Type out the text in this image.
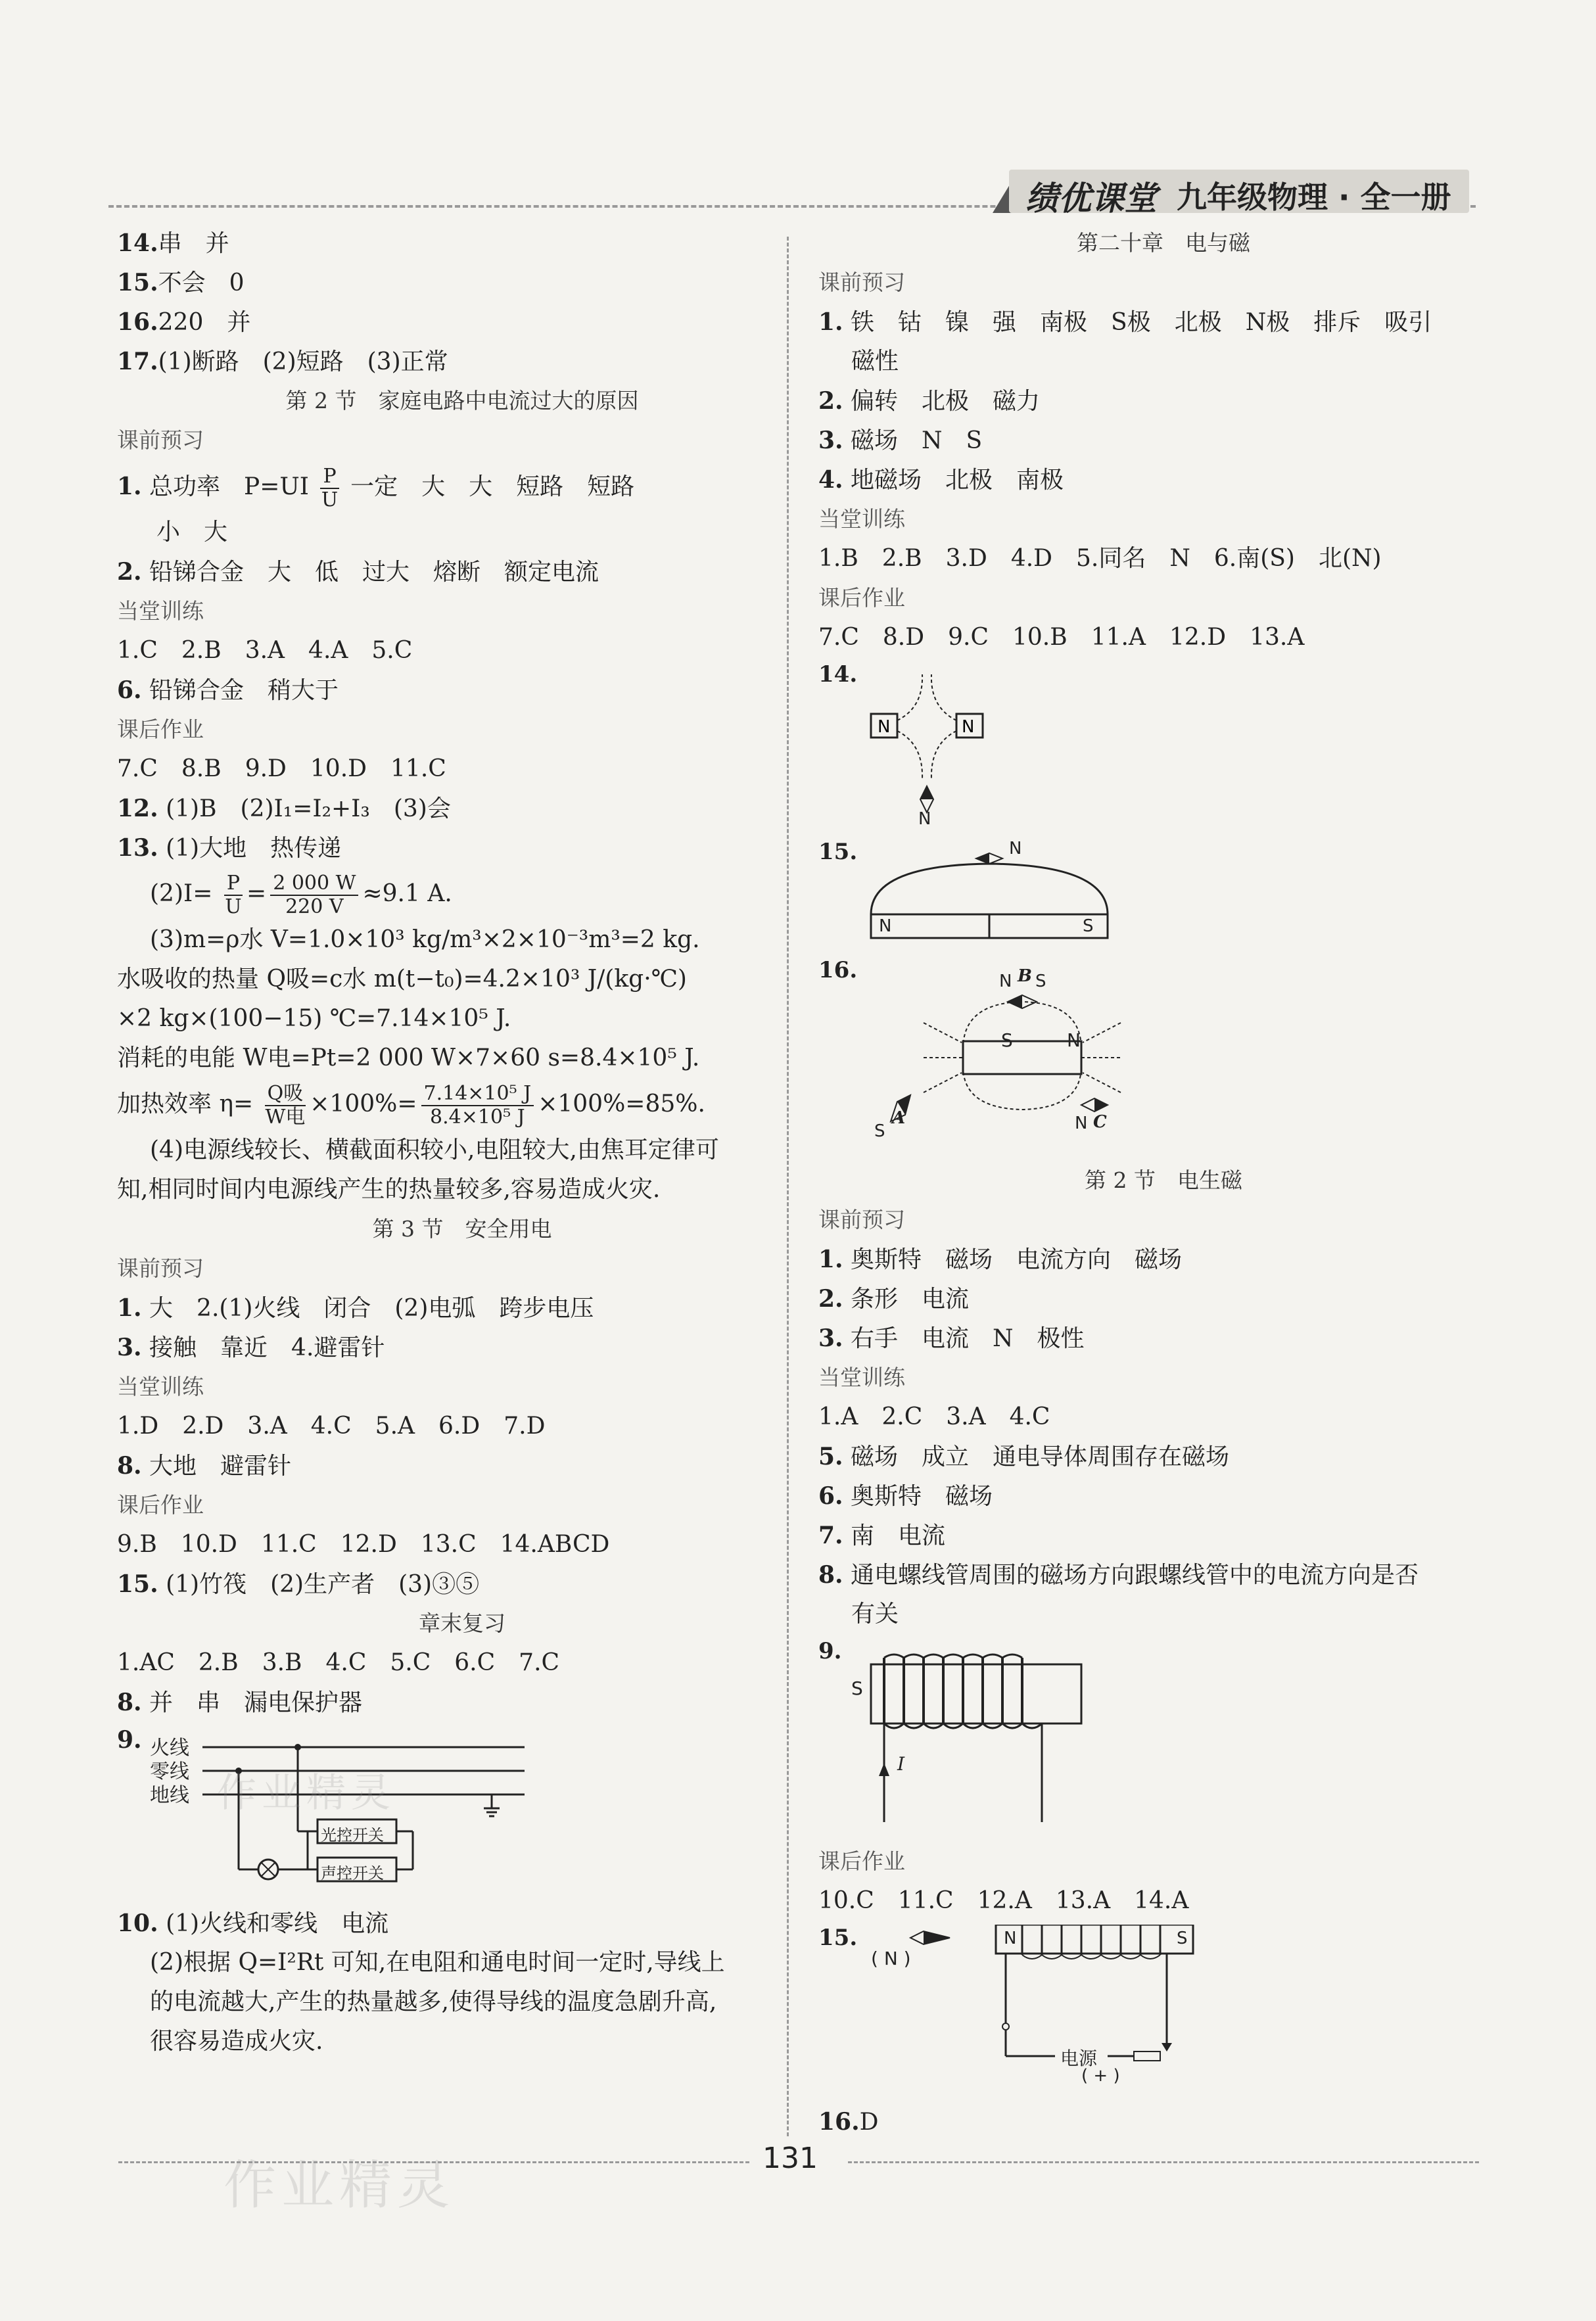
绩优课堂 九年级物理 · 全一册
14.串　并
15.不会　0
16.220　并
17.(1)断路　(2)短路　(3)正常
第 2 节　家庭电路中电流过大的原因
课前预习
1. 总功率　$P=UI \frac{P}{U}$ 一定　大　大　短路　短路
小　大
2. 铅锑合金　大　低　过大　熔断　额定电流
当堂训练
1.C　2.B　3.A　4.A　5.C
6. 铅锑合金　稍大于
课后作业
7.C　8.B　9.D　10.D　11.C
12. (1)B　(2)I₁=I₂+I₃　(3)会
13. (1)大地　热传递
$(2)I= \frac{P}{U} = \frac{2 000 W}{220 V} \approx 9.1$ A.
(3)m=ρ水 V=1.0×10³ kg/m³×2×10⁻³m³=2 kg.
水吸收的热量 Q吸=c水 m(t−t₀)=4.2×10³ J/(kg·℃)
×2 kg×(100−15) ℃=7.14×10⁵ J.
消耗的电能 W电=Pt=2 000 W×7×60 s=8.4×10⁵ J.
加热效率 $\eta= \frac{\text{Q吸}}{\text{W电}} \times 100\%= \frac{\text{7.14×10⁵ J}}{\text{8.4×10⁵ J}} \times 100\%=85\%$.
(4)电源线较长、横截面积较小,电阻较大,由焦耳定律可
知,相同时间内电源线产生的热量较多,容易造成火灾.
第 3 节　安全用电
课前预习
1. 大　2.(1)火线　闭合　(2)电弧　跨步电压
3. 接触　靠近　4.避雷针
当堂训练
1.D　2.D　3.A　4.C　5.A　6.D　7.D
8. 大地　避雷针
课后作业
9.B　10.D　11.C　12.D　13.C　14.ABCD
15. (1)竹筏　(2)生产者　(3)③⑤
章末复习
1.AC　2.B　3.B　4.C　5.C　6.C　7.C
8. 并　串　漏电保护器
9. 火线
零线
地线
光控开关
声控开关
10. (1)火线和零线　电流
(2)根据 Q=I²Rt 可知,在电阻和通电时间一定时,导线上
的电流越大,产生的热量越多,使得导线的温度急剧升高,
很容易造成火灾.
第二十章　电与磁
课前预习
1. 铁　钴　镍　强　南极　S极　北极　N极　排斥　吸引
磁性
2. 偏转　北极　磁力
3. 磁场　N　S
4. 地磁场　北极　南极
当堂训练
1.B　2.B　3.D　4.D　5.同名　N　6.南(S)　北(N)
课后作业
7.C　8.D　9.C　10.B　11.A　12.D　13.A
14.
N	N
N
15.	N
N	S
16.
S	N
N B S
S
A	N C
第 2 节　电生磁
课前预习
1. 奥斯特　磁场　电流方向　磁场
2. 条形　电流
3. 右手　电流　N　极性
当堂训练
1.A　2.C　3.A　4.C
5. 磁场　成立　通电导体周围存在磁场
6. 奥斯特　磁场
7. 南　电流
8. 通电螺线管周围的磁场方向跟螺线管中的电流方向是否
有关
9.
S
I
课后作业
10.C　11.C　12.A　13.A　14.A
15.
( N )
N	S
电源
( + )
16.D
作业精灵
作业精灵	131
